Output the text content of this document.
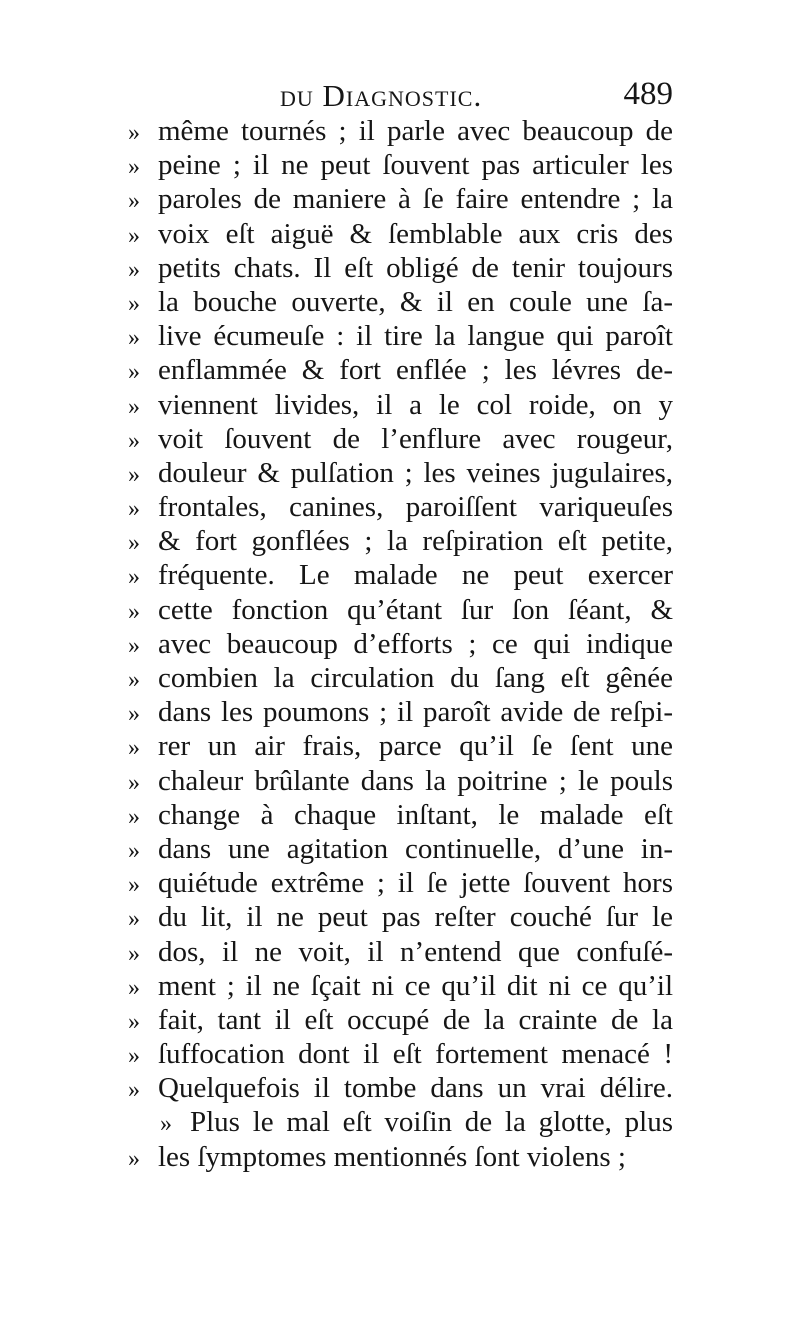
du Diagnostic.	489
» même tournés ; il parle avec beaucoup de
» peine ; il ne peut ſouvent pas articuler les
» paroles de maniere à ſe faire entendre ; la
» voix eſt aiguë & ſemblable aux cris des
» petits chats. Il eſt obligé de tenir toujours
» la bouche ouverte, & il en coule une ſa-
» live écumeuſe : il tire la langue qui paroît
» enflammée & fort enflée ; les lévres de-
» viennent livides, il a le col roide, on y
» voit ſouvent de l’enflure avec rougeur,
» douleur & pulſation ; les veines jugulaires,
» frontales, canines, paroiſſent variqueuſes
» & fort gonflées ; la reſpiration eſt petite,
» fréquente. Le malade ne peut exercer
» cette fonction qu’étant ſur ſon ſéant, &
» avec beaucoup d’efforts ; ce qui indique
» combien la circulation du ſang eſt gênée
» dans les poumons ; il paroît avide de reſpi-
» rer un air frais, parce qu’il ſe ſent une
» chaleur brûlante dans la poitrine ; le pouls
» change à chaque inſtant, le malade eſt
» dans une agitation continuelle, d’une in-
» quiétude extrême ; il ſe jette ſouvent hors
» du lit, il ne peut pas reſter couché ſur le
» dos, il ne voit, il n’entend que confuſé-
» ment ; il ne ſçait ni ce qu’il dit ni ce qu’il
» fait, tant il eſt occupé de la crainte de la
» ſuffocation dont il eſt fortement menacé !
» Quelquefois il tombe dans un vrai délire.
» Plus le mal eſt voiſin de la glotte, plus
» les ſymptomes mentionnés ſont violens ;
